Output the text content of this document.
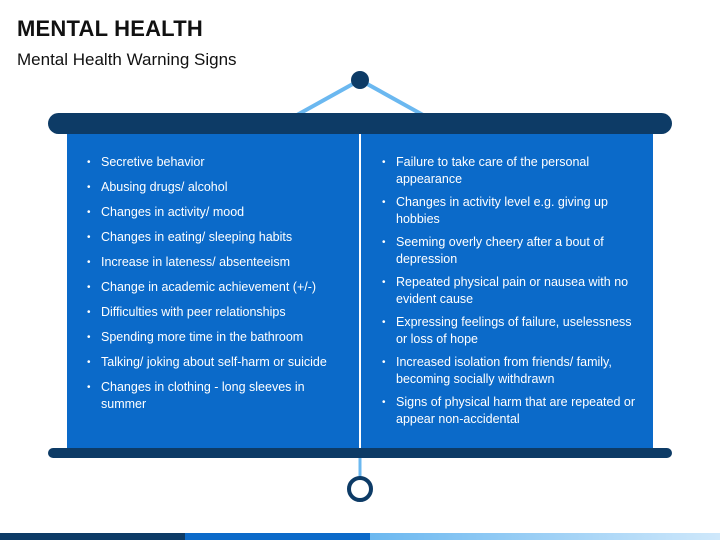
MENTAL HEALTH
Mental Health Warning Signs
• Secretive behavior
• Abusing drugs/ alcohol
• Changes in activity/ mood
• Changes in eating/ sleeping habits
• Increase in lateness/ absenteeism
• Change in academic achievement (+/-)
• Difficulties with peer relationships
• Spending more time in the bathroom
• Talking/ joking about self-harm or suicide
• Changes in clothing - long sleeves in summer
• Failure to take care of the personal appearance
• Changes in activity level e.g. giving up hobbies
• Seeming overly cheery after a bout of depression
• Repeated physical pain or nausea with no evident cause
• Expressing feelings of failure, uselessness or loss of hope
• Increased isolation from friends/ family, becoming socially withdrawn
• Signs of physical harm that are repeated or appear non-accidental
